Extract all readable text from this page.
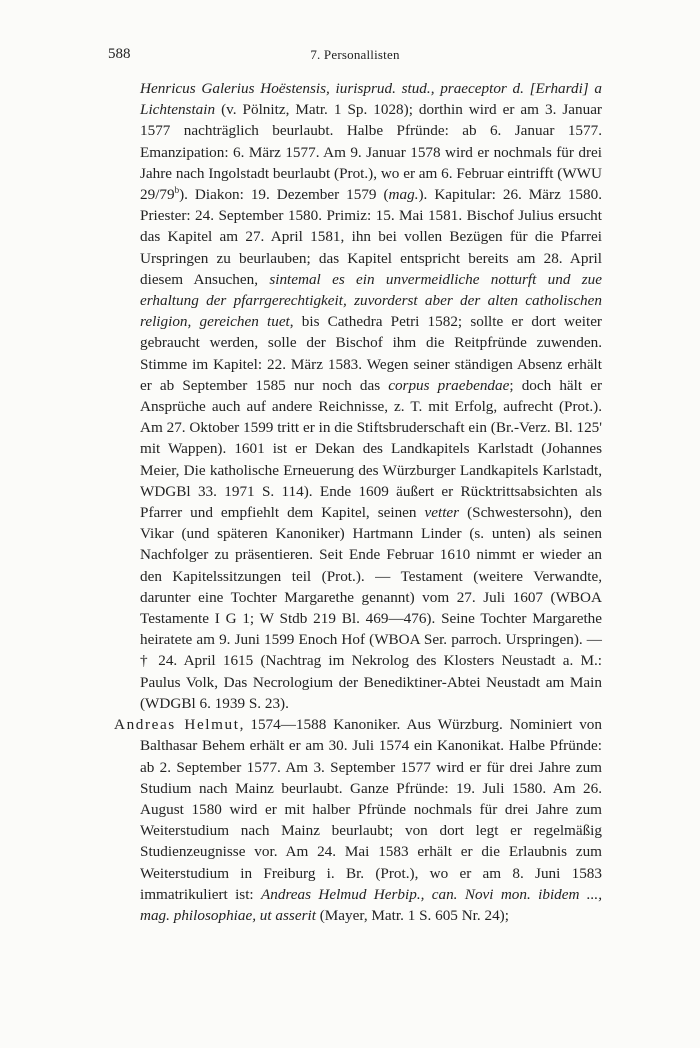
588	7. Personallisten

Henricus Galerius Hoëstensis, iurisprud. stud., praeceptor d. [Erhardi] a Lichtenstain (v. Pölnitz, Matr. 1 Sp. 1028); dorthin wird er am 3. Januar 1577 nachträglich beurlaubt. Halbe Pfründe: ab 6. Januar 1577. Emanzipation: 6. März 1577. Am 9. Januar 1578 wird er nochmals für drei Jahre nach Ingolstadt beurlaubt (Prot.), wo er am 6. Februar eintrifft (WWU 29/79$^b$). Diakon: 19. Dezember 1579 (mag.). Kapitular: 26. März 1580. Priester: 24. September 1580. Primiz: 15. Mai 1581. Bischof Julius ersucht das Kapitel am 27. April 1581, ihn bei vollen Bezügen für die Pfarrei Urspringen zu beurlauben; das Kapitel entspricht bereits am 28. April diesem Ansuchen, sintemal es ein unvermeidliche notturft und zue erhaltung der pfarrgerechtigkeit, zuvorderst aber der alten catholischen religion, gereichen tuet, bis Cathedra Petri 1582; sollte er dort weiter gebraucht werden, solle der Bischof ihm die Reitpfründe zuwenden. Stimme im Kapitel: 22. März 1583. Wegen seiner ständigen Absenz erhält er ab September 1585 nur noch das corpus praebendae; doch hält er Ansprüche auch auf andere Reichnisse, z. T. mit Erfolg, aufrecht (Prot.). Am 27. Oktober 1599 tritt er in die Stiftsbruderschaft ein (Br.-Verz. Bl. 125' mit Wappen). 1601 ist er Dekan des Landkapitels Karlstadt (Johannes Meier, Die katholische Erneuerung des Würzburger Landkapitels Karlstadt, WDGBl 33. 1971 S. 114). Ende 1609 äußert er Rücktrittsabsichten als Pfarrer und empfiehlt dem Kapitel, seinen vetter (Schwestersohn), den Vikar (und späteren Kanoniker) Hartmann Linder (s. unten) als seinen Nachfolger zu präsentieren. Seit Ende Februar 1610 nimmt er wieder an den Kapitelssitzungen teil (Prot.). — Testament (weitere Verwandte, darunter eine Tochter Margarethe genannt) vom 27. Juli 1607 (WBOA Testamente I G 1; W Stdb 219 Bl. 469—476). Seine Tochter Margarethe heiratete am 9. Juni 1599 Enoch Hof (WBOA Ser. parroch. Urspringen). — † 24. April 1615 (Nachtrag im Nekrolog des Klosters Neustadt a. M.: Paulus Volk, Das Necrologium der Benediktiner-Abtei Neustadt am Main (WDGBl 6. 1939 S. 23).

Andreas Helmut, 1574—1588 Kanoniker. Aus Würzburg. Nominiert von Balthasar Behem erhält er am 30. Juli 1574 ein Kanonikat. Halbe Pfründe: ab 2. September 1577. Am 3. September 1577 wird er für drei Jahre zum Studium nach Mainz beurlaubt. Ganze Pfründe: 19. Juli 1580. Am 26. August 1580 wird er mit halber Pfründe nochmals für drei Jahre zum Weiterstudium nach Mainz beurlaubt; von dort legt er regelmäßig Studienzeugnisse vor. Am 24. Mai 1583 erhält er die Erlaubnis zum Weiterstudium in Freiburg i. Br. (Prot.), wo er am 8. Juni 1583 immatrikuliert ist: Andreas Helmud Herbip., can. Novi mon. ibidem ..., mag. philosophiae, ut asserit (Mayer, Matr. 1 S. 605 Nr. 24);
